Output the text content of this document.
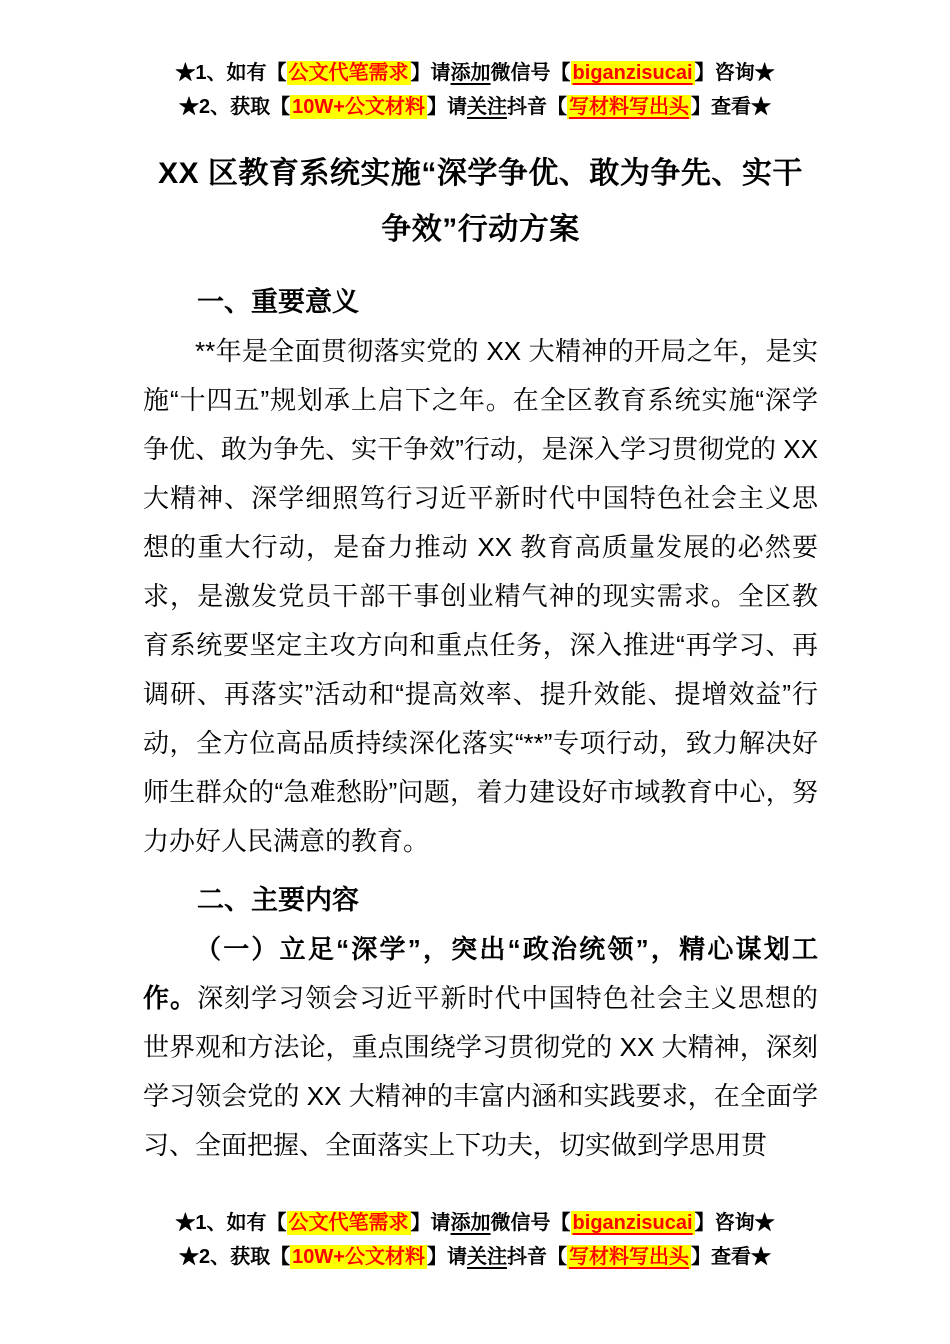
★1、如有【 公文代笔需求 】请添加微信号【 biganzisucai 】咨询★
★2、获取【 10W+公文材料 】请关注抖音【 写材料写出头 】查看★
XX 区教育系统实施“深学争优、敢为争先、实干争效”行动方案
一、重要意义

**年是全面贯彻落实党的 XX 大精神的开局之年，是实施“十四五”规划承上启下之年。在全区教育系统实施“深学争优、敢为争先、实干争效”行动，是深入学习贯彻党的 XX 大精神、深学细照笃行习近平新时代中国特色社会主义思想的重大行动，是奋力推动 XX 教育高质量发展的必然要求，是激发党员干部干事创业精气神的现实需求。全区教育系统要坚定主攻方向和重点任务，深入推进“再学习、再调研、再落实”活动和“提高效率、提升效能、提增效益”行动，全方位高品质持续深化落实“**”专项行动，致力解决好师生群众的“急难愁盼”问题，着力建设好市域教育中心，努力办好人民满意的教育。

二、主要内容

（一）立足“深学”，突出“政治统领”，精心谋划工作。深刻学习领会习近平新时代中国特色社会主义思想的世界观和方法论，重点围绕学习贯彻党的 XX 大精神，深刻学习领会党的 XX 大精神的丰富内涵和实践要求，在全面学习、全面把握、全面落实上下功夫，切实做到学思用贯

★1、如有【 公文代笔需求 】请添加微信号【 biganzisucai 】咨询★
★2、获取【 10W+公文材料 】请关注抖音【 写材料写出头 】查看★
